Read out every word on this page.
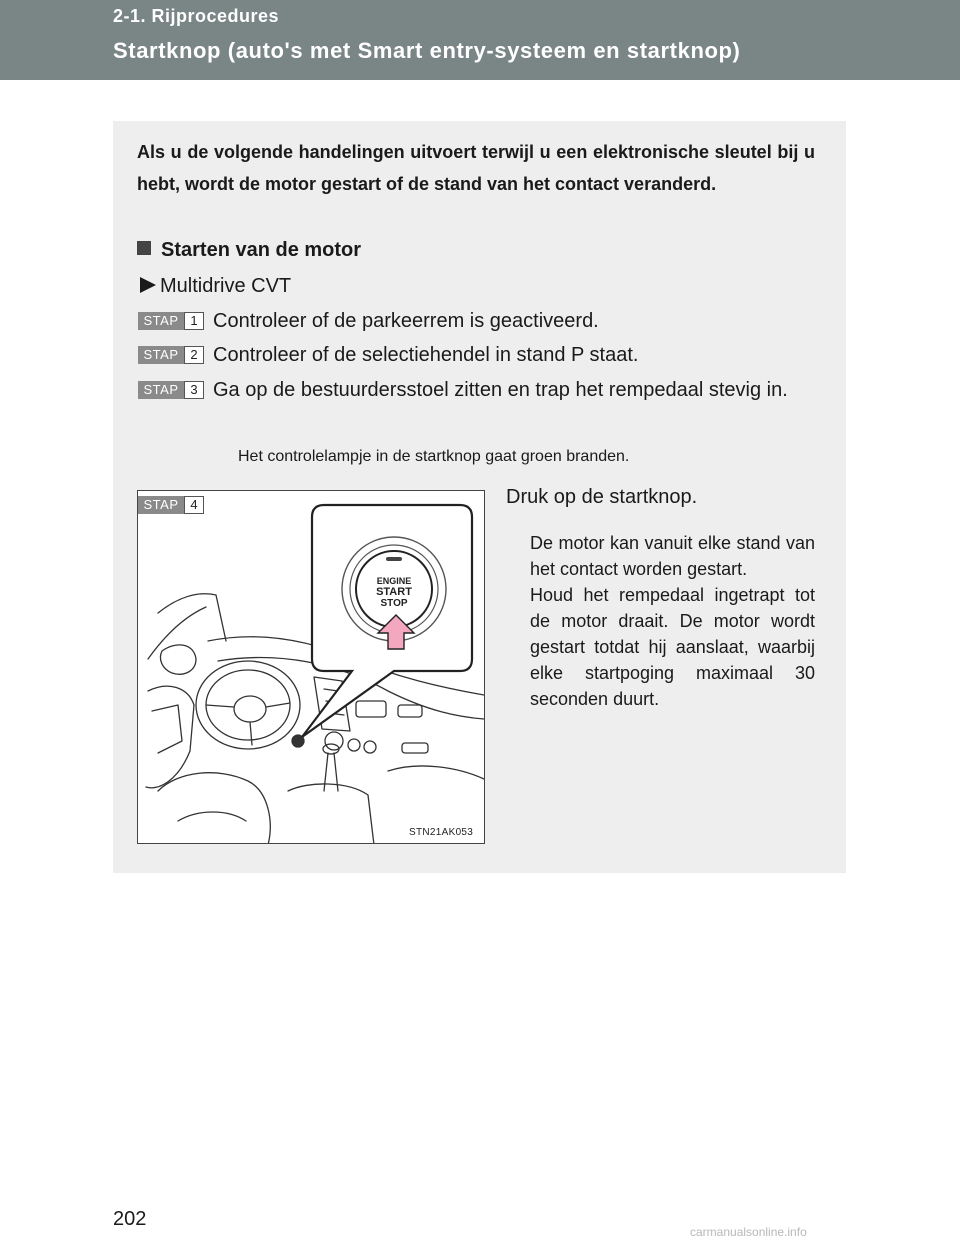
2-1. Rijprocedures
Startknop (auto's met Smart entry-systeem en startknop)
Als u de volgende handelingen uitvoert terwijl u een elektronische sleutel bij u hebt, wordt de motor gestart of de stand van het contact veranderd.
Starten van de motor
Multidrive CVT
STAP 1 Controleer of de parkeerrem is geactiveerd.
STAP 2 Controleer of de selectiehendel in stand P staat.
STAP 3 Ga op de bestuurdersstoel zitten en trap het rempedaal stevig in.
Het controlelampje in de startknop gaat groen branden.
ENGINE
START
STOP
STAP 4
STN21AK053
Druk op de startknop.

De motor kan vanuit elke stand van het contact worden gestart.

Houd het rempedaal ingetrapt tot de motor draait. De motor wordt gestart totdat hij aanslaat, waarbij elke startpoging maximaal 30 seconden duurt.

202
carmanualsonline.info
